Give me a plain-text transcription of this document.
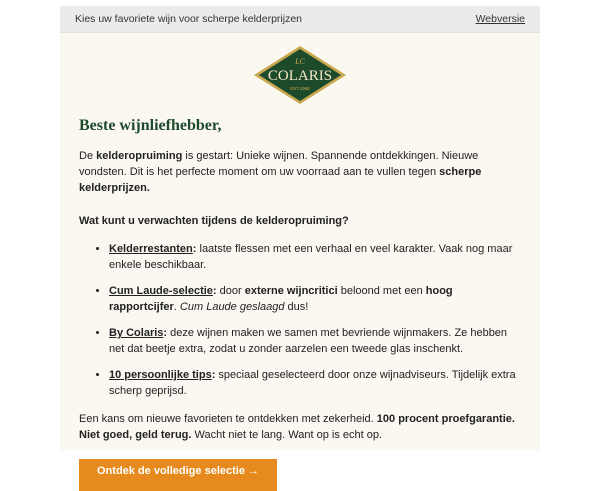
Kies uw favoriete wijn voor scherpe kelderprijzen	Webversie
LC
COLARIS
EST.1968
Beste wijnliefhebber,

De kelderopruiming is gestart: Unieke wijnen. Spannende ontdekkingen. Nieuwe vondsten. Dit is het perfecte moment om uw voorraad aan te vullen tegen scherpe kelderprijzen.

Wat kunt u verwachten tijdens de kelderopruiming?

• Kelderrestanten: laatste flessen met een verhaal en veel karakter. Vaak nog maar enkele beschikbaar.
• Cum Laude-selectie: door externe wijncritici beloond met een hoog rapportcijfer. Cum Laude geslaagd dus!
• By Colaris: deze wijnen maken we samen met bevriende wijnmakers. Ze hebben net dat beetje extra, zodat u zonder aarzelen een tweede glas inschenkt.
• 10 persoonlijke tips: speciaal geselecteerd door onze wijnadviseurs. Tijdelijk extra scherp geprijsd.

Een kans om nieuwe favorieten te ontdekken met zekerheid. 100 procent proefgarantie. Niet goed, geld terug. Wacht niet te lang. Want op is echt op.

Ontdek de volledige selectie →
